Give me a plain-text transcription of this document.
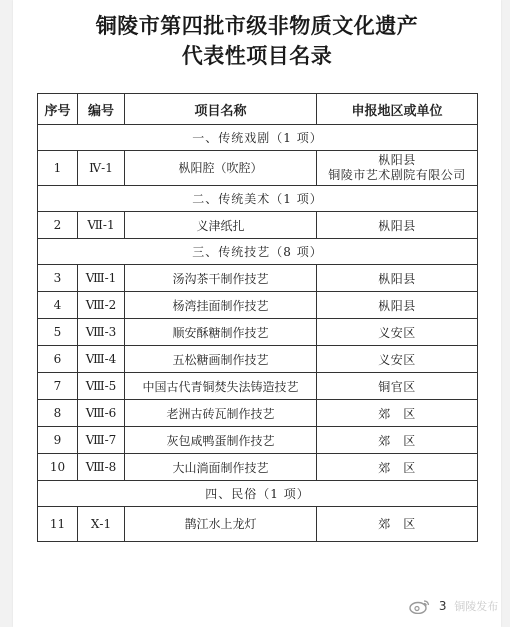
铜陵市第四批市级非物质文化遗产
代表性项目名录
序号	编号	项目名称	申报地区或单位
一、传统戏剧（1 项）			
1	Ⅳ-1	枞阳腔（吹腔）	枞阳县
铜陵市艺术剧院有限公司

二、传统美术（1 项）			
2	Ⅶ-1	义津纸扎	枞阳县
三、传统技艺（8 项）			
3	Ⅷ-1	汤沟茶干制作技艺	枞阳县
4	Ⅷ-2	杨湾挂面制作技艺	枞阳县
5	Ⅷ-3	顺安酥糖制作技艺	义安区
6	Ⅷ-4	五松糖画制作技艺	义安区
7	Ⅷ-5	中国古代青铜焚失法铸造技艺	铜官区
8	Ⅷ-6	老洲古砖瓦制作技艺	郊　区
9	Ⅷ-7	灰包咸鸭蛋制作技艺	郊　区
10	Ⅷ-8	大山淌面制作技艺	郊　区
四、民俗（1 项）			
11	Ⅹ-1	鹊江水上龙灯	郊　区
3 铜陵发布
